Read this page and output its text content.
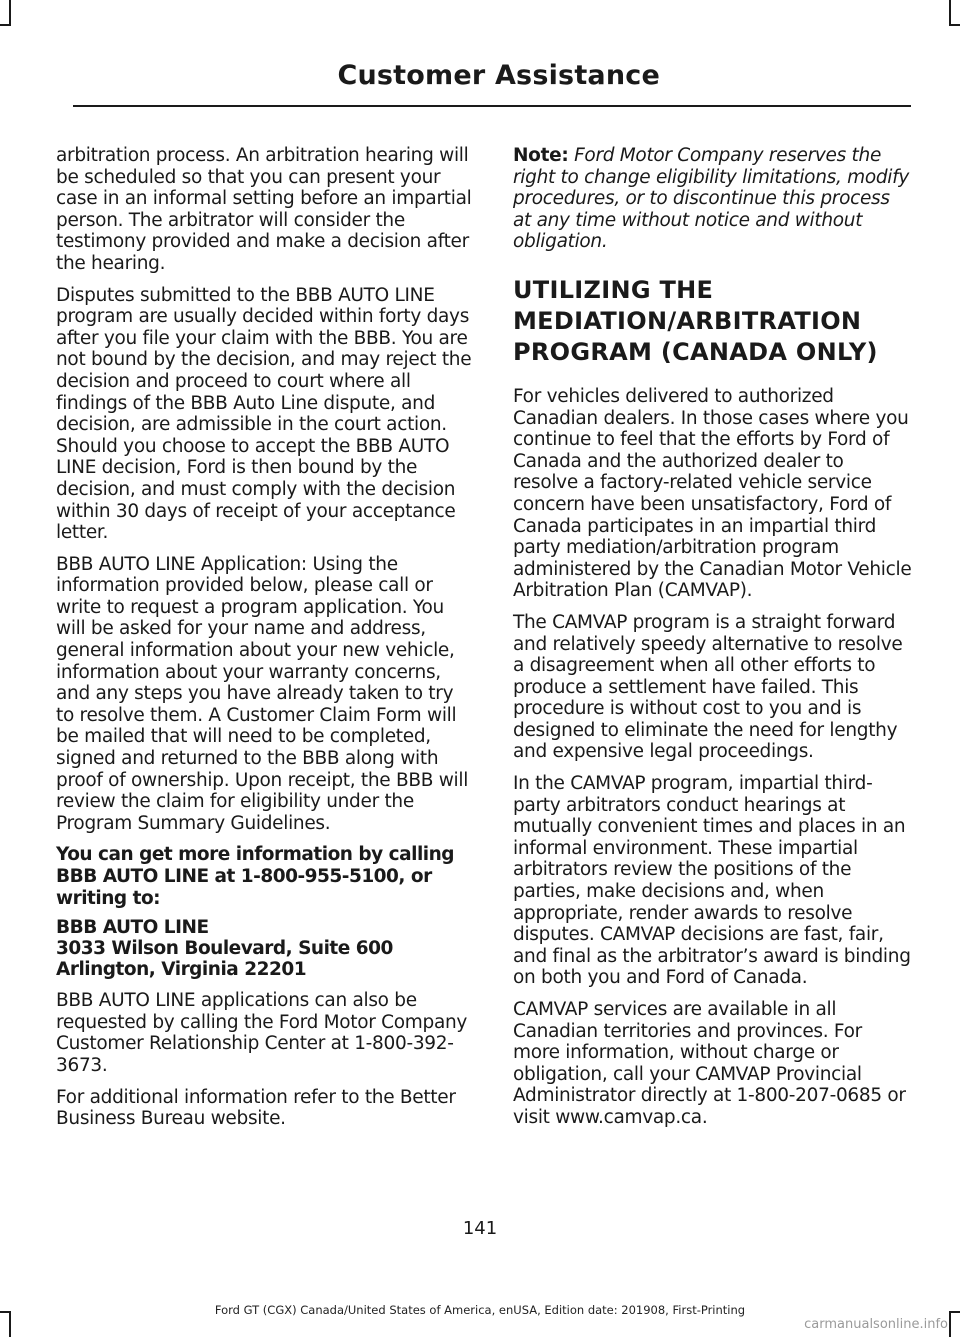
Customer Assistance

arbitration process. An arbitration hearing will be scheduled so that you can present your case in an informal setting before an impartial person. The arbitrator will consider the testimony provided and make a decision after the hearing.

Disputes submitted to the BBB AUTO LINE program are usually decided within forty days after you file your claim with the BBB. You are not bound by the decision, and may reject the decision and proceed to court where all findings of the BBB Auto Line dispute, and decision, are admissible in the court action. Should you choose to accept the BBB AUTO LINE decision, Ford is then bound by the decision, and must comply with the decision within 30 days of receipt of your acceptance letter.

BBB AUTO LINE Application: Using the information provided below, please call or write to request a program application. You will be asked for your name and address, general information about your new vehicle, information about your warranty concerns, and any steps you have already taken to try to resolve them. A Customer Claim Form will be mailed that will need to be completed, signed and returned to the BBB along with proof of ownership. Upon receipt, the BBB will review the claim for eligibility under the Program Summary Guidelines.

You can get more information by calling BBB AUTO LINE at 1-800-955-5100, or writing to:

BBB AUTO LINE
3033 Wilson Boulevard, Suite 600
Arlington, Virginia 22201

BBB AUTO LINE applications can also be requested by calling the Ford Motor Company Customer Relationship Center at 1-800-392-3673.

For additional information refer to the Better Business Bureau website.

Note: Ford Motor Company reserves the right to change eligibility limitations, modify procedures, or to discontinue this process at any time without notice and without obligation.

UTILIZING THE MEDIATION/ARBITRATION PROGRAM (CANADA ONLY)

For vehicles delivered to authorized Canadian dealers. In those cases where you continue to feel that the efforts by Ford of Canada and the authorized dealer to resolve a factory-related vehicle service concern have been unsatisfactory, Ford of Canada participates in an impartial third party mediation/arbitration program administered by the Canadian Motor Vehicle Arbitration Plan (CAMVAP).

The CAMVAP program is a straight forward and relatively speedy alternative to resolve a disagreement when all other efforts to produce a settlement have failed. This procedure is without cost to you and is designed to eliminate the need for lengthy and expensive legal proceedings.

In the CAMVAP program, impartial third-party arbitrators conduct hearings at mutually convenient times and places in an informal environment. These impartial arbitrators review the positions of the parties, make decisions and, when appropriate, render awards to resolve disputes. CAMVAP decisions are fast, fair, and final as the arbitrator’s award is binding on both you and Ford of Canada.

CAMVAP services are available in all Canadian territories and provinces. For more information, without charge or obligation, call your CAMVAP Provincial Administrator directly at 1-800-207-0685 or visit www.camvap.ca.

141
Ford GT (CGX) Canada/United States of America, enUSA, Edition date: 201908, First-Printing
carmanualsonline.info
